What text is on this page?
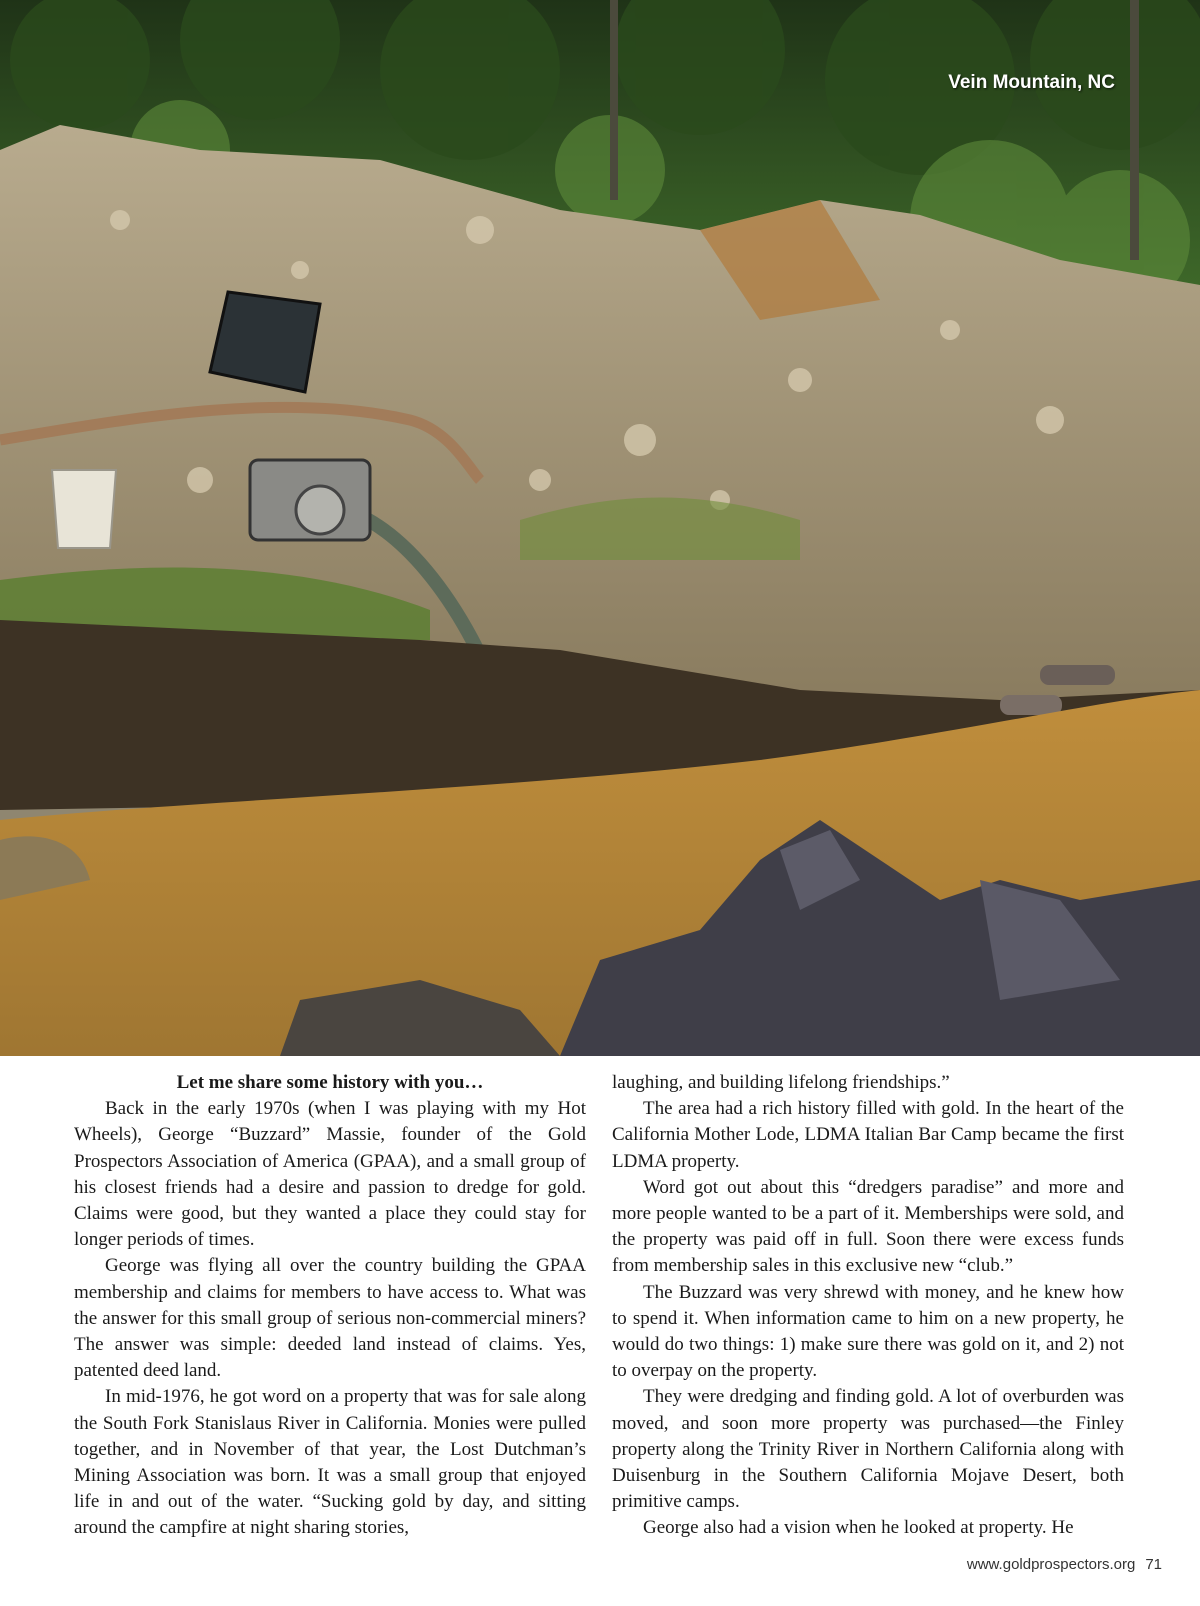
Vein Mountain, NC
Let me share some history with you…

Back in the early 1970s (when I was playing with my Hot Wheels), George “Buzzard” Massie, founder of the Gold Prospectors Association of America (GPAA), and a small group of his closest friends had a desire and passion to dredge for gold. Claims were good, but they wanted a place they could stay for longer periods of times.

George was flying all over the country building the GPAA membership and claims for members to have access to. What was the answer for this small group of serious non-commercial miners? The answer was simple: deeded land instead of claims. Yes, patented deed land.

In mid-1976, he got word on a property that was for sale along the South Fork Stanislaus River in California. Monies were pulled together, and in November of that year, the Lost Dutchman’s Mining Association was born. It was a small group that enjoyed life in and out of the water. “Sucking gold by day, and sitting around the campfire at night sharing stories,

laughing, and building lifelong friendships.”

The area had a rich history filled with gold. In the heart of the California Mother Lode, LDMA Italian Bar Camp became the first LDMA property.

Word got out about this “dredgers paradise” and more and more people wanted to be a part of it. Memberships were sold, and the property was paid off in full. Soon there were excess funds from membership sales in this exclusive new “club.”

The Buzzard was very shrewd with money, and he knew how to spend it. When information came to him on a new property, he would do two things: 1) make sure there was gold on it, and 2) not to overpay on the property.

They were dredging and finding gold. A lot of overburden was moved, and soon more property was purchased—the Finley property along the Trinity River in Northern California along with Duisenburg in the Southern California Mojave Desert, both primitive camps.

George also had a vision when he looked at property. He

www.goldprospectors.org 71
